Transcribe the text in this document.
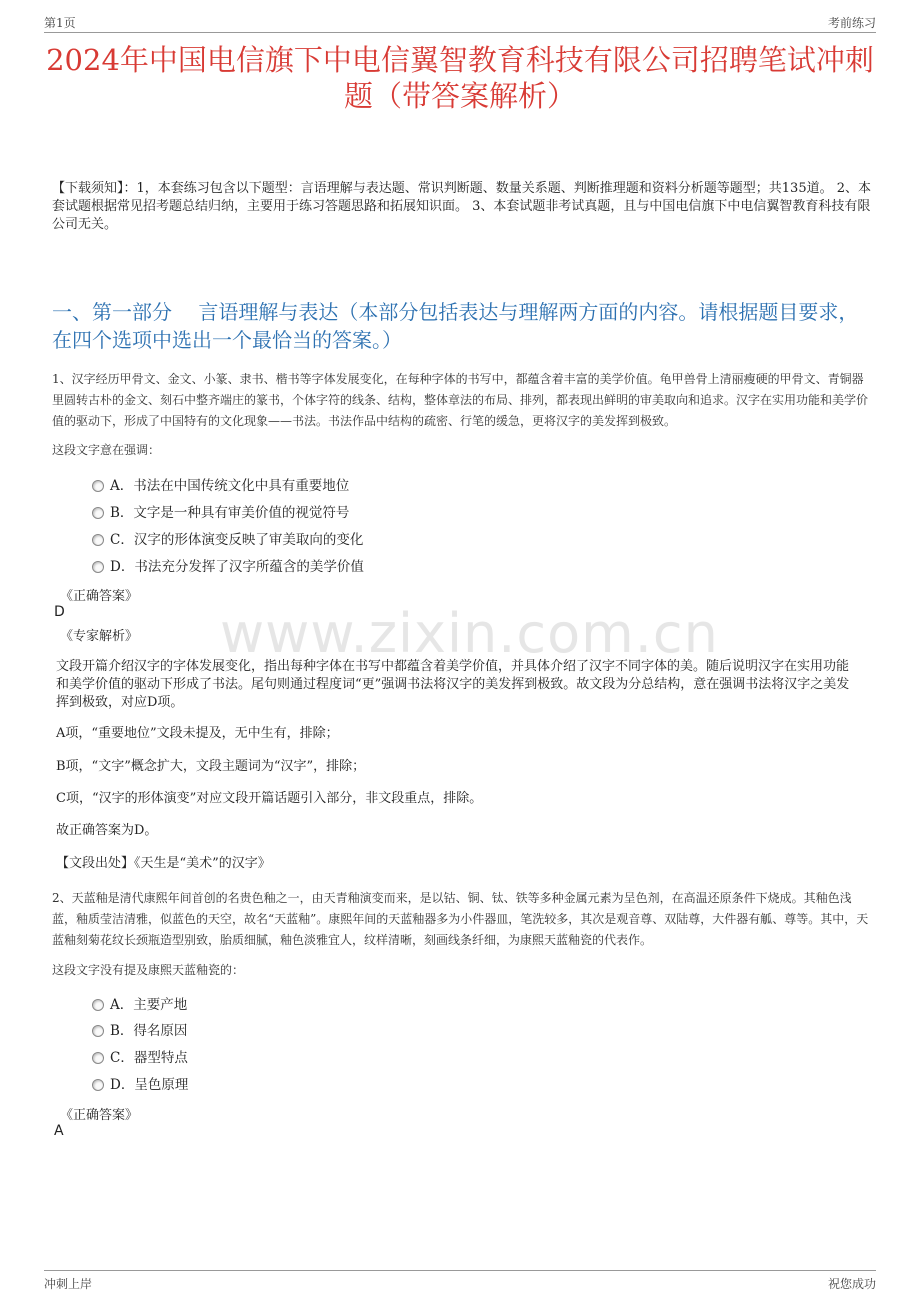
第1页	考前练习
2024年中国电信旗下中电信翼智教育科技有限公司招聘笔试冲刺题（带答案解析）
【下载须知】：1，本套练习包含以下题型：言语理解与表达题、常识判断题、数量关系题、判断推理题和资料分析题等题型；共135道。 2、本套试题根据常见招考题总结归纳，主要用于练习答题思路和拓展知识面。 3、本套试题非考试真题，且与中国电信旗下中电信翼智教育科技有限公司无关。
一、第一部分　 言语理解与表达（本部分包括表达与理解两方面的内容。请根据题目要求，在四个选项中选出一个最恰当的答案。）
www.zixin.com.cn
1、汉字经历甲骨文、金文、小篆、隶书、楷书等字体发展变化，在每种字体的书写中，都蕴含着丰富的美学价值。龟甲兽骨上清丽瘦硬的甲骨文、青铜器里圆转古朴的金文、刻石中整齐端庄的篆书，个体字符的线条、结构，整体章法的布局、排列，都表现出鲜明的审美取向和追求。汉字在实用功能和美学价值的驱动下，形成了中国特有的文化现象——书法。书法作品中结构的疏密、行笔的缓急，更将汉字的美发挥到极致。
这段文字意在强调：
A．书法在中国传统文化中具有重要地位
B．文字是一种具有审美价值的视觉符号
C．汉字的形体演变反映了审美取向的变化
D．书法充分发挥了汉字所蕴含的美学价值
《正确答案》
D
《专家解析》
文段开篇介绍汉字的字体发展变化，指出每种字体在书写中都蕴含着美学价值，并具体介绍了汉字不同字体的美。随后说明汉字在实用功能和美学价值的驱动下形成了书法。尾句则通过程度词“更”强调书法将汉字的美发挥到极致。故文段为分总结构，意在强调书法将汉字之美发挥到极致，对应D项。
A项，“重要地位”文段未提及，无中生有，排除；
B项，“文字”概念扩大，文段主题词为“汉字”，排除；
C项，“汉字的形体演变”对应文段开篇话题引入部分，非文段重点，排除。
故正确答案为D。
【文段出处】《天生是“美术”的汉字》
2、天蓝釉是清代康熙年间首创的名贵色釉之一，由天青釉演变而来，是以钴、铜、钛、铁等多种金属元素为呈色剂，在高温还原条件下烧成。其釉色浅蓝，釉质莹洁清雅，似蓝色的天空，故名“天蓝釉”。康熙年间的天蓝釉器多为小件器皿，笔洗较多，其次是观音尊、双陆尊，大件器有觚、尊等。其中，天蓝釉刻菊花纹长颈瓶造型别致，胎质细腻，釉色淡雅宜人，纹样清晰，刻画线条纤细，为康熙天蓝釉瓷的代表作。
这段文字没有提及康熙天蓝釉瓷的：
A．主要产地
B．得名原因
C．器型特点
D．呈色原理
《正确答案》
A
冲刺上岸	祝您成功
